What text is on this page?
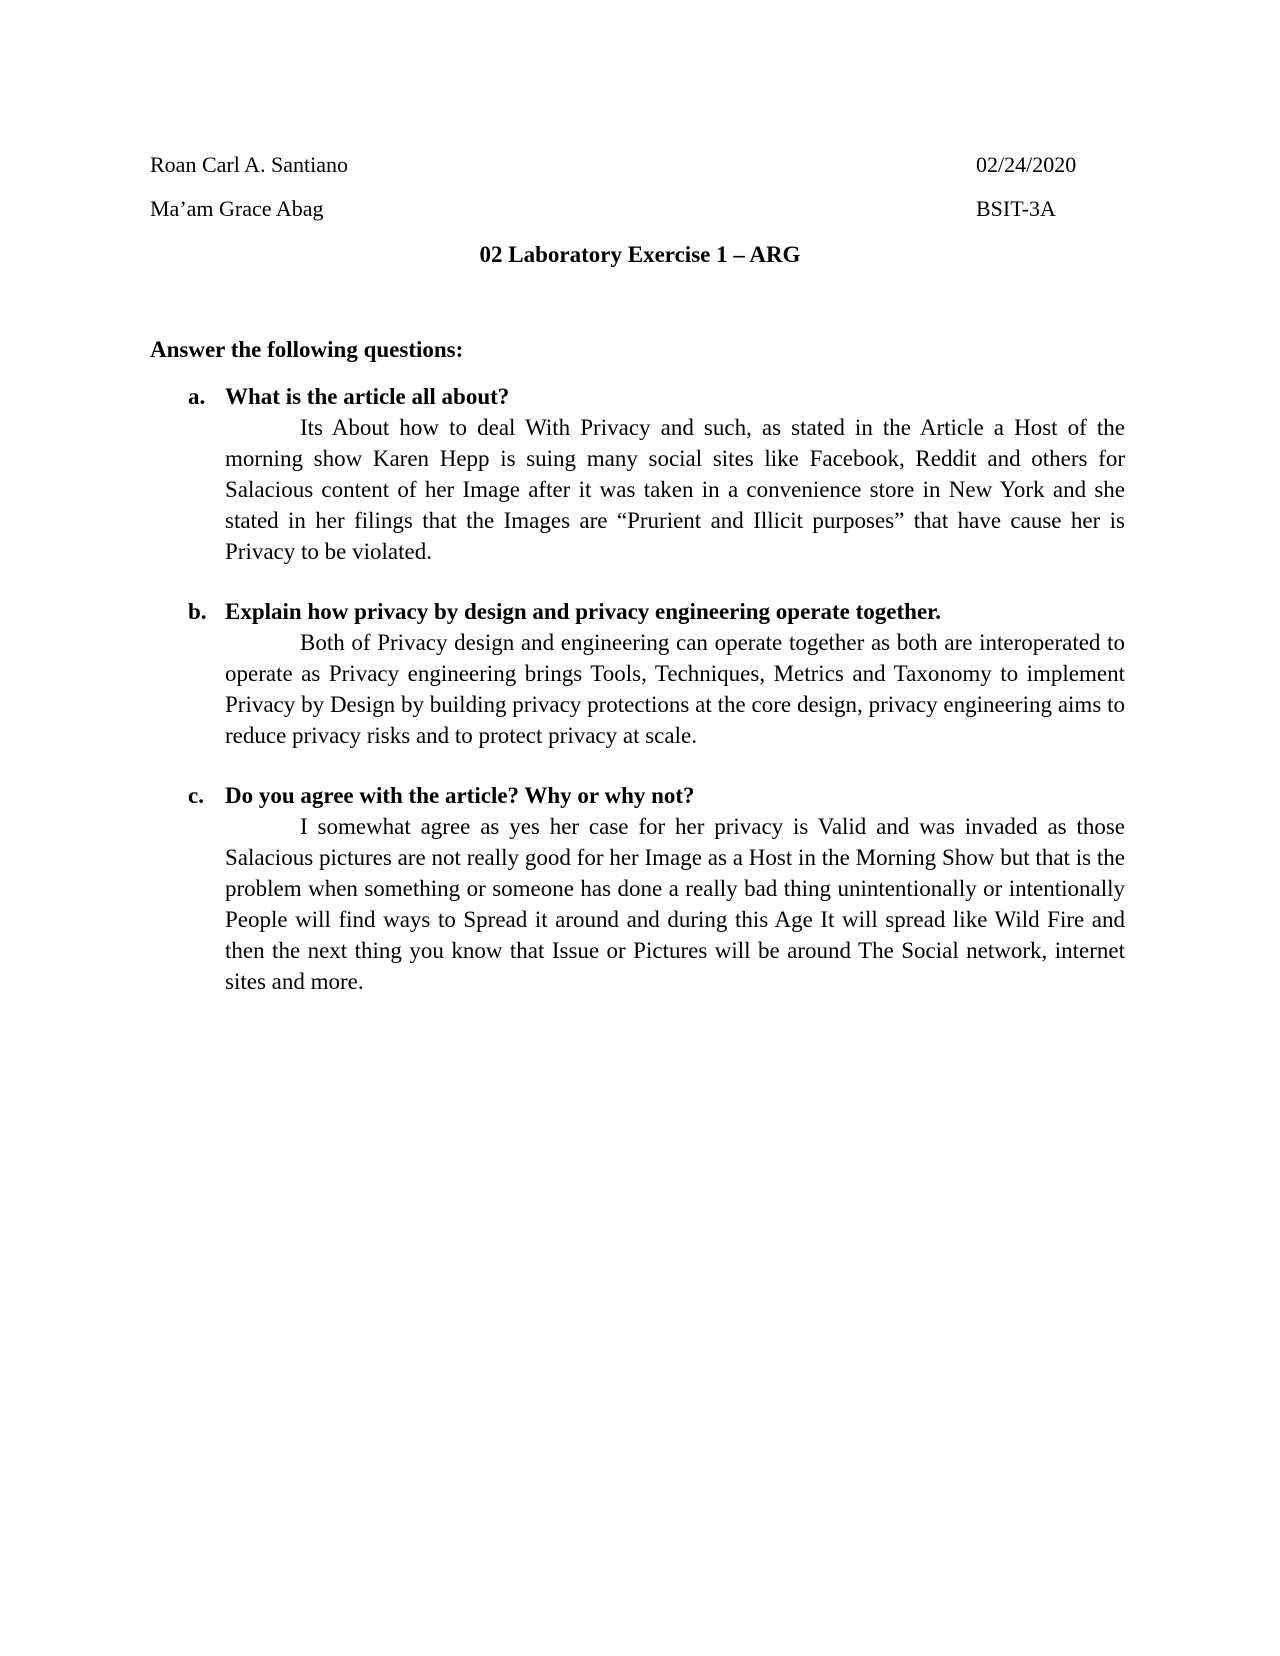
Roan Carl A. Santiano	02/24/2020
Ma’am Grace Abag	BSIT-3A
02 Laboratory Exercise 1 – ARG
Answer the following questions:
a. What is the article all about?
Its About how to deal With Privacy and such, as stated in the Article a Host of the morning show Karen Hepp is suing many social sites like Facebook, Reddit and others for Salacious content of her Image after it was taken in a convenience store in New York and she stated in her filings that the Images are “Prurient and Illicit purposes” that have cause her is Privacy to be violated.
b. Explain how privacy by design and privacy engineering operate together.
Both of Privacy design and engineering can operate together as both are interoperated to operate as Privacy engineering brings Tools, Techniques, Metrics and Taxonomy to implement Privacy by Design by building privacy protections at the core design, privacy engineering aims to reduce privacy risks and to protect privacy at scale.
c. Do you agree with the article? Why or why not?
I somewhat agree as yes her case for her privacy is Valid and was invaded as those Salacious pictures are not really good for her Image as a Host in the Morning Show but that is the problem when something or someone has done a really bad thing unintentionally or intentionally People will find ways to Spread it around and during this Age It will spread like Wild Fire and then the next thing you know that Issue or Pictures will be around The Social network, internet sites and more.
